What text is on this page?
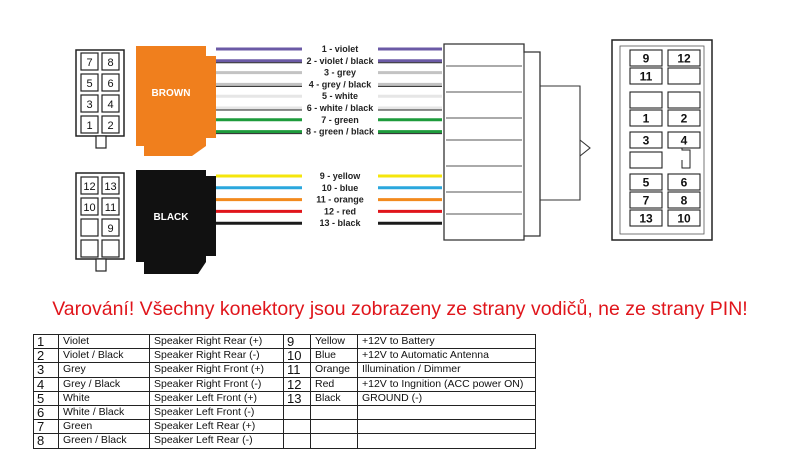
7 8
5 6
3 4
1 2
BROWN
12 13
10 11
9
BLACK
1 - violet
2 - violet / black
3 - grey
4 - grey / black
5 - white
6 - white / black
7 - green
8 - green / black
9 - yellow
10 - blue
11 - orange
12 - red
13 - black
9 12
11
1	2
3	4
5	6
7	8
13 10
Varování! Všechny konektory jsou zobrazeny ze strany vodičů, ne ze strany PIN!
1	Violet	Speaker Right Rear (+)	9	Yellow	+12V to Battery
2	Violet / Black	Speaker Right Rear (-)	10	Blue	+12V to Automatic Antenna
3	Grey	Speaker Right Front (+)	11	Orange	Illumination / Dimmer
4	Grey / Black	Speaker Right Front (-)	12	Red	+12V to Ingnition (ACC power ON)
5	White	Speaker Left Front (+)	13	Black	GROUND (-)
6	White / Black	Speaker Left Front (-)			
7	Green	Speaker Left Rear (+)			
8	Green / Black	Speaker Left Rear (-)			
